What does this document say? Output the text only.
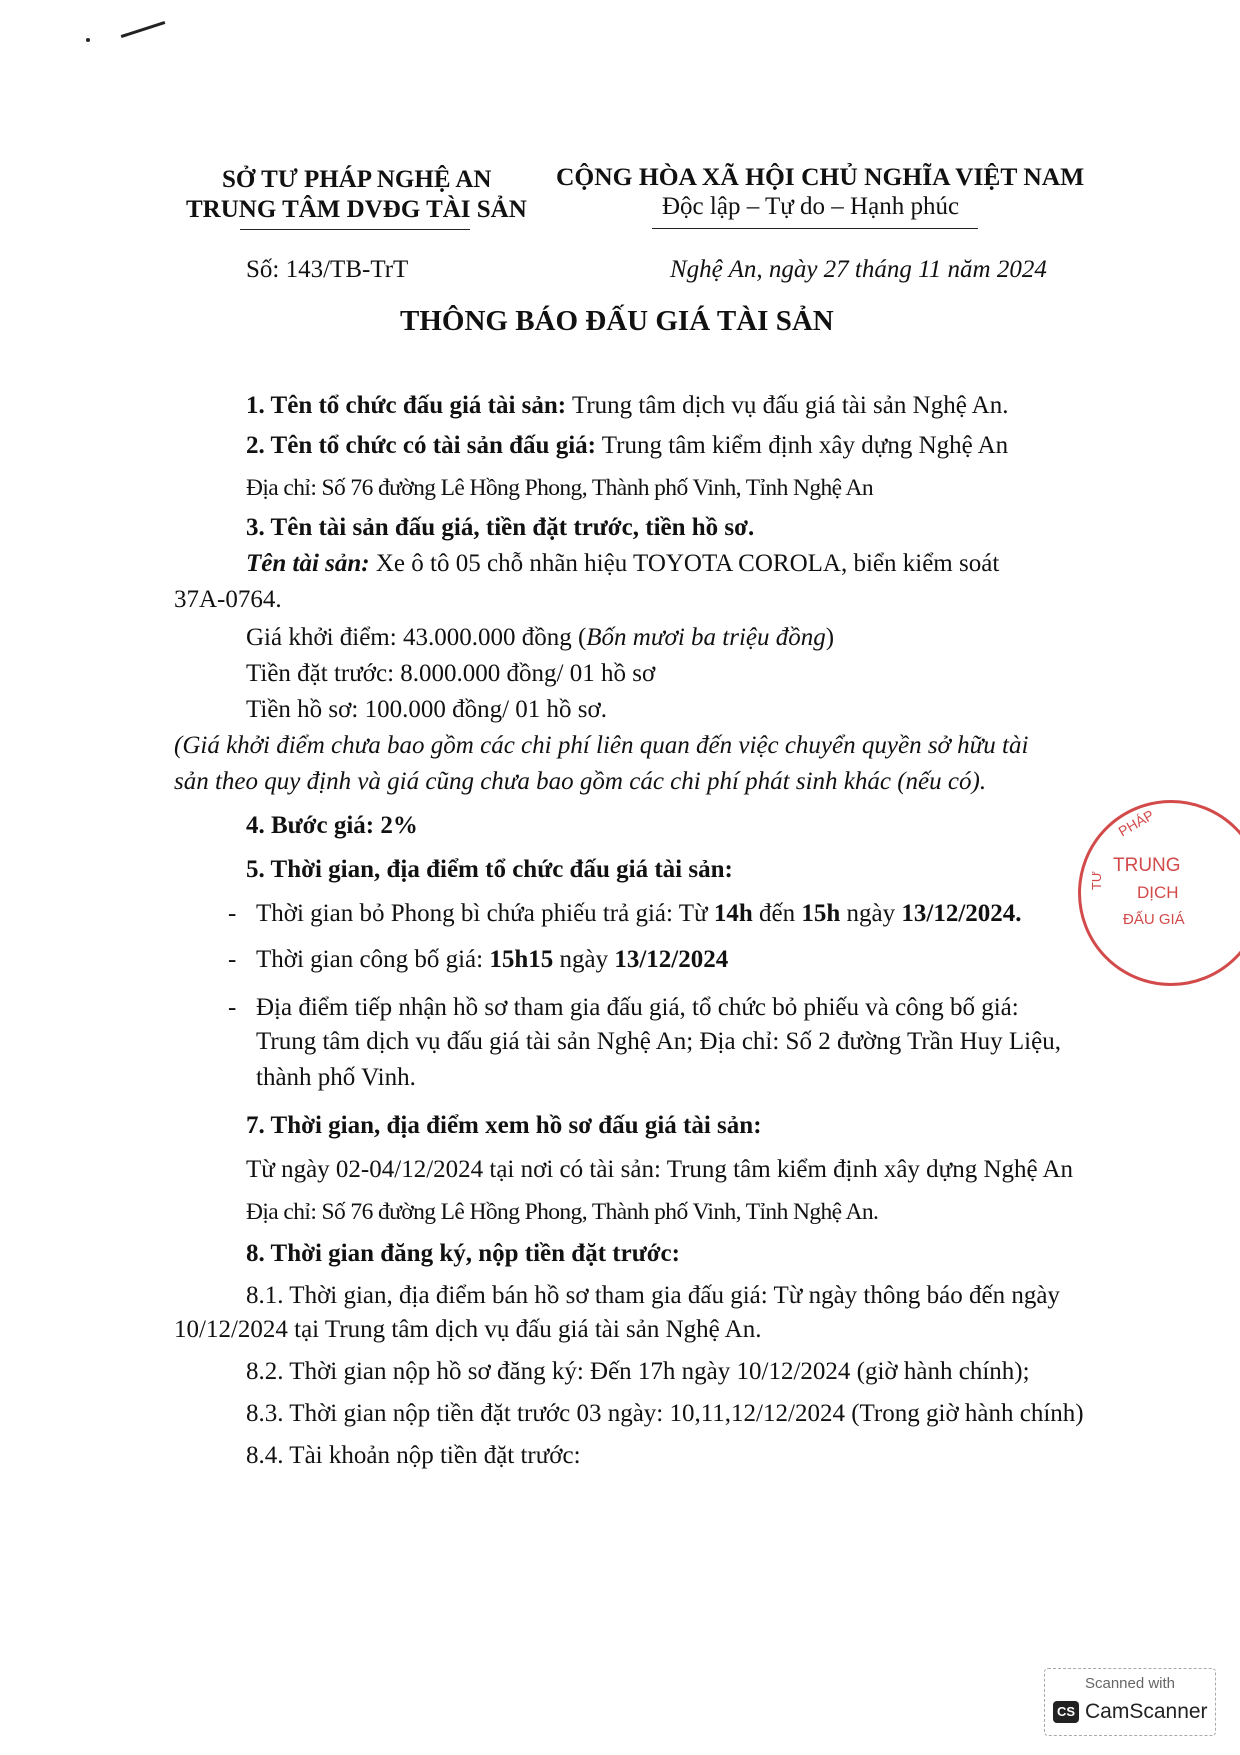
SỞ TƯ PHÁP NGHỆ AN
TRUNG TÂM DVĐG TÀI SẢN
CỘNG HÒA XÃ HỘI CHỦ NGHĨA VIỆT NAM
Độc lập – Tự do – Hạnh phúc
Số: 143/TB-TrT	Nghệ An, ngày 27 tháng 11 năm 2024
THÔNG BÁO ĐẤU GIÁ TÀI SẢN
1. Tên tổ chức đấu giá tài sản: Trung tâm dịch vụ đấu giá tài sản Nghệ An.
2. Tên tổ chức có tài sản đấu giá: Trung tâm kiểm định xây dựng Nghệ An
Địa chỉ: Số 76 đường Lê Hồng Phong, Thành phố Vinh, Tỉnh Nghệ An
3. Tên tài sản đấu giá, tiền đặt trước, tiền hồ sơ.
Tên tài sản: Xe ô tô 05 chỗ nhãn hiệu TOYOTA COROLA, biển kiểm soát
37A-0764.
Giá khởi điểm: 43.000.000 đồng (Bốn mươi ba triệu đồng)
Tiền đặt trước: 8.000.000 đồng/ 01 hồ sơ
Tiền hồ sơ: 100.000 đồng/ 01 hồ sơ.
(Giá khởi điểm chưa bao gồm các chi phí liên quan đến việc chuyển quyền sở hữu tài
sản theo quy định và giá cũng chưa bao gồm các chi phí phát sinh khác (nếu có).
4. Bước giá: 2%
5. Thời gian, địa điểm tổ chức đấu giá tài sản:
- Thời gian bỏ Phong bì chứa phiếu trả giá: Từ 14h đến 15h ngày 13/12/2024.
- Thời gian công bố giá: 15h15 ngày 13/12/2024
- Địa điểm tiếp nhận hồ sơ tham gia đấu giá, tổ chức bỏ phiếu và công bố giá:
Trung tâm dịch vụ đấu giá tài sản Nghệ An; Địa chỉ: Số 2 đường Trần Huy Liệu,
thành phố Vinh.
7. Thời gian, địa điểm xem hồ sơ đấu giá tài sản:
Từ ngày 02-04/12/2024 tại nơi có tài sản: Trung tâm kiểm định xây dựng Nghệ An
Địa chỉ: Số 76 đường Lê Hồng Phong, Thành phố Vinh, Tỉnh Nghệ An.
8. Thời gian đăng ký, nộp tiền đặt trước:
8.1. Thời gian, địa điểm bán hồ sơ tham gia đấu giá: Từ ngày thông báo đến ngày
10/12/2024 tại Trung tâm dịch vụ đấu giá tài sản Nghệ An.
8.2. Thời gian nộp hồ sơ đăng ký: Đến 17h ngày 10/12/2024 (giờ hành chính);
8.3. Thời gian nộp tiền đặt trước 03 ngày: 10,11,12/12/2024 (Trong giờ hành chính)
8.4. Tài khoản nộp tiền đặt trước:
PHÁP
TƯ
TRUNG
DỊCH
ĐẤU GIÁ
Scanned with
CS CamScanner
